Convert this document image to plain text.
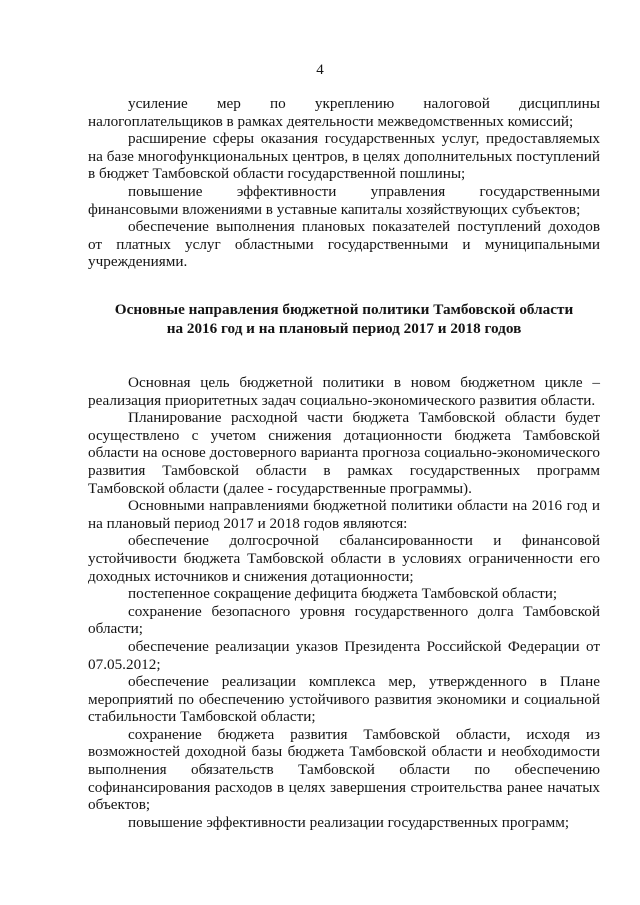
4

усиление мер по укреплению налоговой дисциплины налогоплательщиков в рамках деятельности межведомственных комиссий;

расширение сферы оказания государственных услуг, предоставляемых на базе многофункциональных центров, в целях дополнительных поступлений в бюджет Тамбовской области государственной пошлины;

повышение эффективности управления государственными финансовыми вложениями в уставные капиталы хозяйствующих субъектов;

обеспечение выполнения плановых показателей поступлений доходов от платных услуг областными государственными и муниципальными учреждениями.

Основные направления бюджетной политики Тамбовской области
на 2016 год и на плановый период 2017 и 2018 годов

Основная цель бюджетной политики в новом бюджетном цикле – реализация приоритетных задач социально-экономического развития области.

Планирование расходной части бюджета Тамбовской области будет осуществлено с учетом снижения дотационности бюджета Тамбовской области на основе достоверного варианта прогноза социально-экономического развития Тамбовской области в рамках государственных программ Тамбовской области (далее - государственные программы).

Основными направлениями бюджетной политики области на 2016 год и на плановый период 2017 и 2018 годов являются:

обеспечение долгосрочной сбалансированности и финансовой устойчивости бюджета Тамбовской области в условиях ограниченности его доходных источников и снижения дотационности;

постепенное сокращение дефицита бюджета Тамбовской области;

сохранение безопасного уровня государственного долга Тамбовской области;

обеспечение реализации указов Президента Российской Федерации от 07.05.2012;

обеспечение реализации комплекса мер, утвержденного в Плане мероприятий по обеспечению устойчивого развития экономики и социальной стабильности Тамбовской области;

сохранение бюджета развития Тамбовской области, исходя из возможностей доходной базы бюджета Тамбовской области и необходимости выполнения обязательств Тамбовской области по обеспечению софинансирования расходов в целях завершения строительства ранее начатых объектов;

повышение эффективности реализации государственных программ;
